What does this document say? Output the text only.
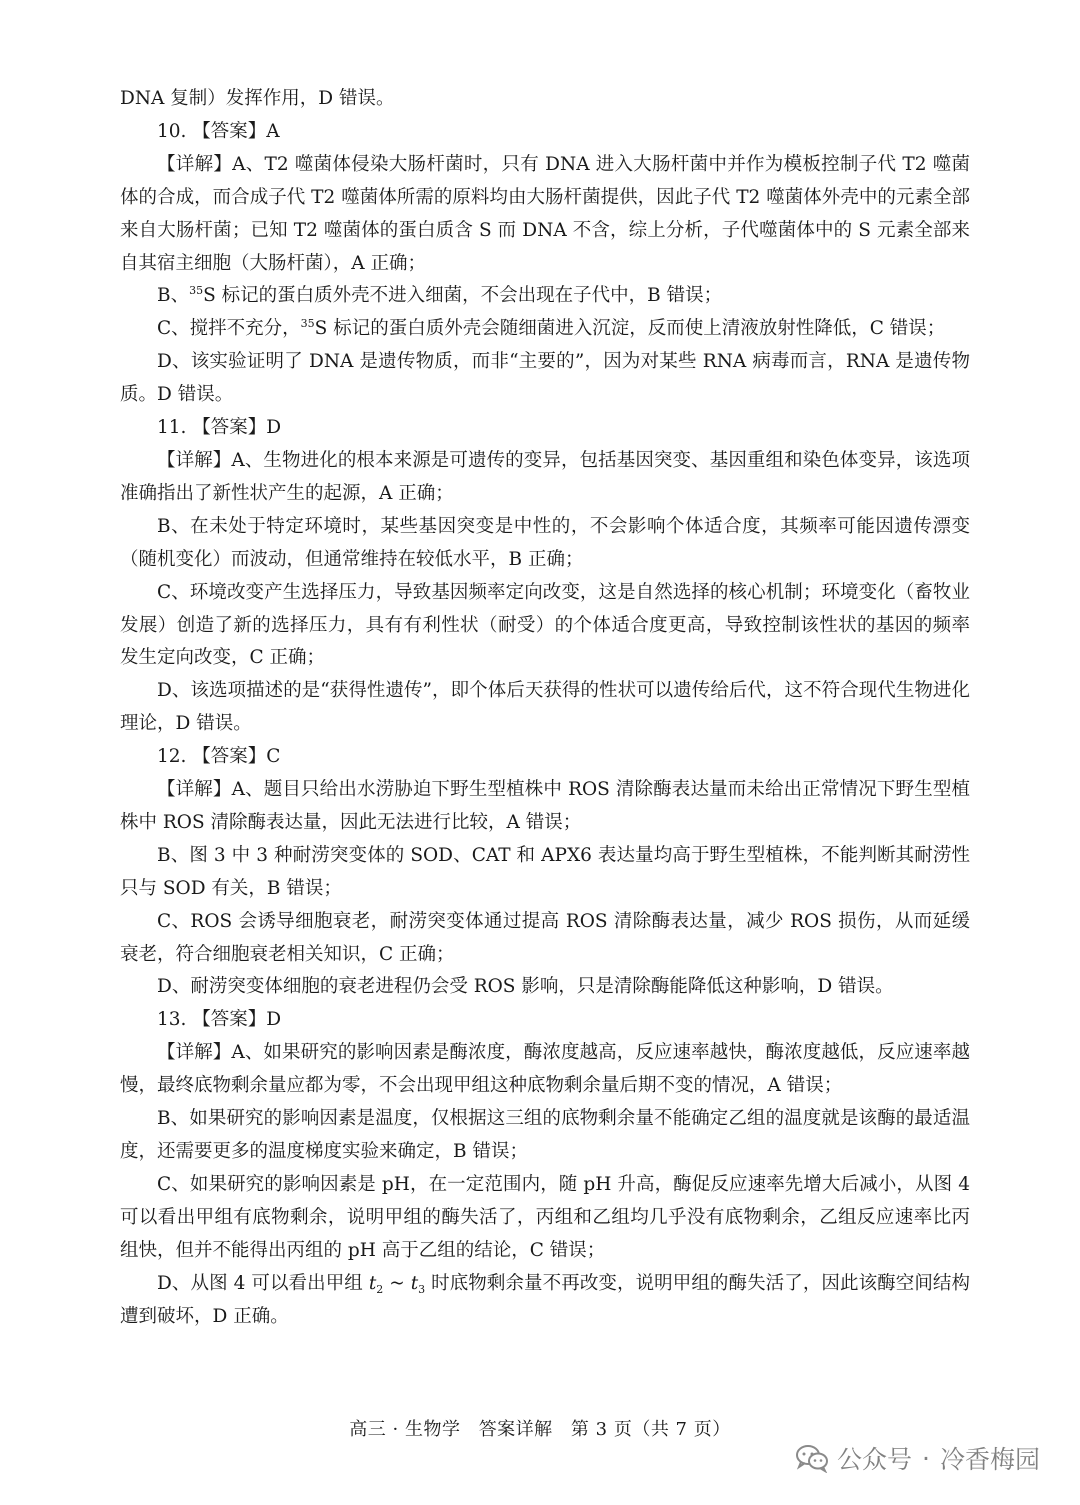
DNA 复制）发挥作用，D 错误。

10. 【答案】A

【详解】A、T2 噬菌体侵染大肠杆菌时，只有 DNA 进入大肠杆菌中并作为模板控制子代 T2 噬菌体的合成，而合成子代 T2 噬菌体所需的原料均由大肠杆菌提供，因此子代 T2 噬菌体外壳中的元素全部来自大肠杆菌；已知 T2 噬菌体的蛋白质含 S 而 DNA 不含，综上分析，子代噬菌体中的 S 元素全部来自其宿主细胞（大肠杆菌），A 正确；

B、$^{35}$S 标记的蛋白质外壳不进入细菌，不会出现在子代中，B 错误；

C、搅拌不充分，$^{35}$S 标记的蛋白质外壳会随细菌进入沉淀，反而使上清液放射性降低，C 错误；

D、该实验证明了 DNA 是遗传物质，而非“主要的”，因为对某些 RNA 病毒而言，RNA 是遗传物质。D 错误。

11. 【答案】D

【详解】A、生物进化的根本来源是可遗传的变异，包括基因突变、基因重组和染色体变异，该选项准确指出了新性状产生的起源，A 正确；

B、在未处于特定环境时，某些基因突变是中性的，不会影响个体适合度，其频率可能因遗传漂变（随机变化）而波动，但通常维持在较低水平，B 正确；

C、环境改变产生选择压力，导致基因频率定向改变，这是自然选择的核心机制；环境变化（畜牧业发展）创造了新的选择压力，具有有利性状（耐受）的个体适合度更高，导致控制该性状的基因的频率发生定向改变，C 正确；

D、该选项描述的是“获得性遗传”，即个体后天获得的性状可以遗传给后代，这不符合现代生物进化理论，D 错误。

12. 【答案】C

【详解】A、题目只给出水涝胁迫下野生型植株中 ROS 清除酶表达量而未给出正常情况下野生型植株中 ROS 清除酶表达量，因此无法进行比较，A 错误；

B、图 3 中 3 种耐涝突变体的 SOD、CAT 和 APX6 表达量均高于野生型植株，不能判断其耐涝性只与 SOD 有关，B 错误；

C、ROS 会诱导细胞衰老，耐涝突变体通过提高 ROS 清除酶表达量，减少 ROS 损伤，从而延缓衰老，符合细胞衰老相关知识，C 正确；

D、耐涝突变体细胞的衰老进程仍会受 ROS 影响，只是清除酶能降低这种影响，D 错误。

13. 【答案】D

【详解】A、如果研究的影响因素是酶浓度，酶浓度越高，反应速率越快，酶浓度越低，反应速率越慢，最终底物剩余量应都为零，不会出现甲组这种底物剩余量后期不变的情况，A 错误；

B、如果研究的影响因素是温度，仅根据这三组的底物剩余量不能确定乙组的温度就是该酶的最适温度，还需要更多的温度梯度实验来确定，B 错误；

C、如果研究的影响因素是 pH，在一定范围内，随 pH 升高，酶促反应速率先增大后减小，从图 4 可以看出甲组有底物剩余，说明甲组的酶失活了，丙组和乙组均几乎没有底物剩余，乙组反应速率比丙组快，但并不能得出丙组的 pH 高于乙组的结论，C 错误；

D、从图 4 可以看出甲组 $t_2$ ~ $t_3$ 时底物剩余量不再改变，说明甲组的酶失活了，因此该酶空间结构遭到破坏，D 正确。

高三 · 生物学 答案详解 第 3 页（共 7 页）
公众号 · 冷香梅园
